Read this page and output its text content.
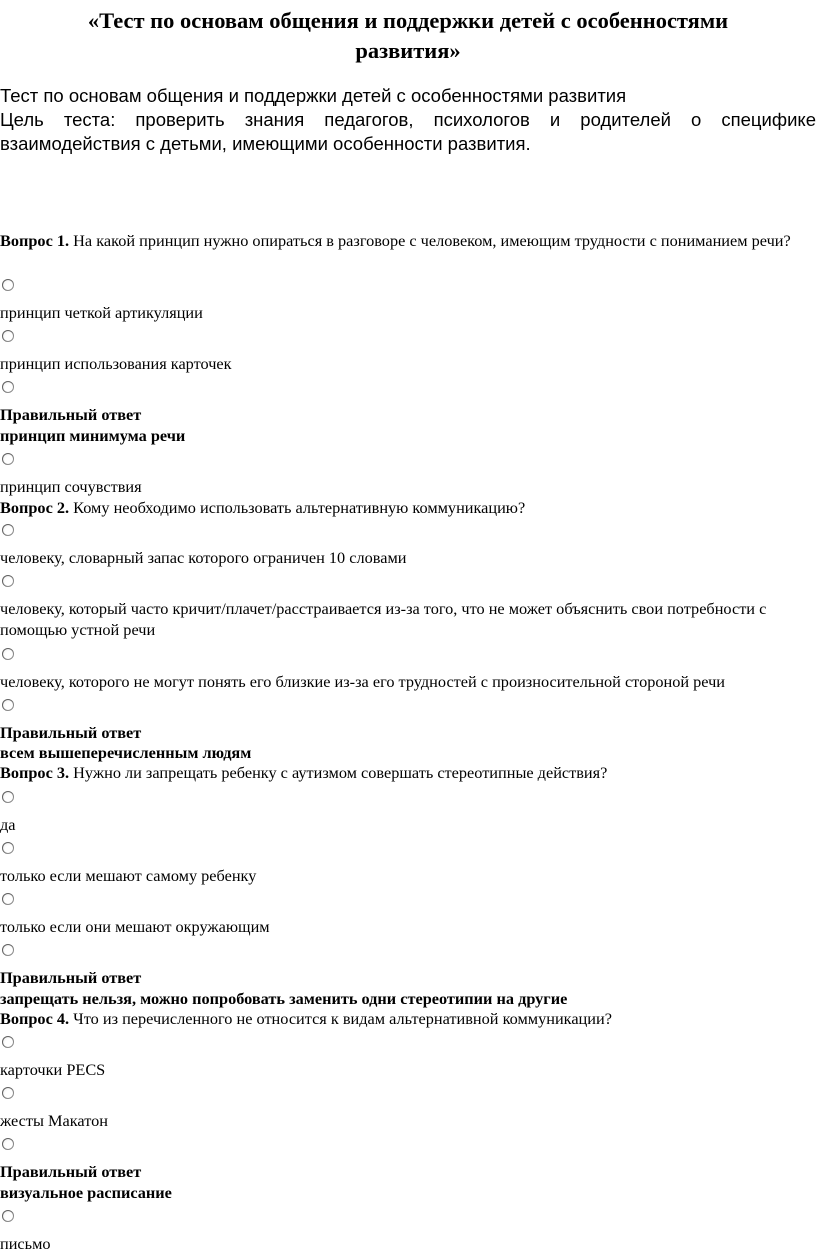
«Тест по основам общения и поддержки детей с особенностями развития»
Тест по основам общения и поддержки детей с особенностями развития
Цель теста: проверить знания педагогов, психологов и родителей о специфике взаимодействия с детьми, имеющими особенности развития.
Вопрос 1. На какой принцип нужно опираться в разговоре с человеком, имеющим трудности с пониманием речи?
принцип четкой артикуляции
принцип использования карточек
Правильный ответ
принцип минимума речи
принцип сочувствия
Вопрос 2. Кому необходимо использовать альтернативную коммуникацию?
человеку, словарный запас которого ограничен 10 словами
человеку, который часто кричит/плачет/расстраивается из-за того, что не может объяснить свои потребности с помощью устной речи
человеку, которого не могут понять его близкие из-за его трудностей с произносительной стороной речи
Правильный ответ
всем вышеперечисленным людям
Вопрос 3. Нужно ли запрещать ребенку с аутизмом совершать стереотипные действия?
да
только если мешают самому ребенку
только если они мешают окружающим
Правильный ответ
запрещать нельзя, можно попробовать заменить одни стереотипии на другие
Вопрос 4. Что из перечисленного не относится к видам альтернативной коммуникации?
карточки PECS
жесты Макатон
Правильный ответ
визуальное расписание
письмо
